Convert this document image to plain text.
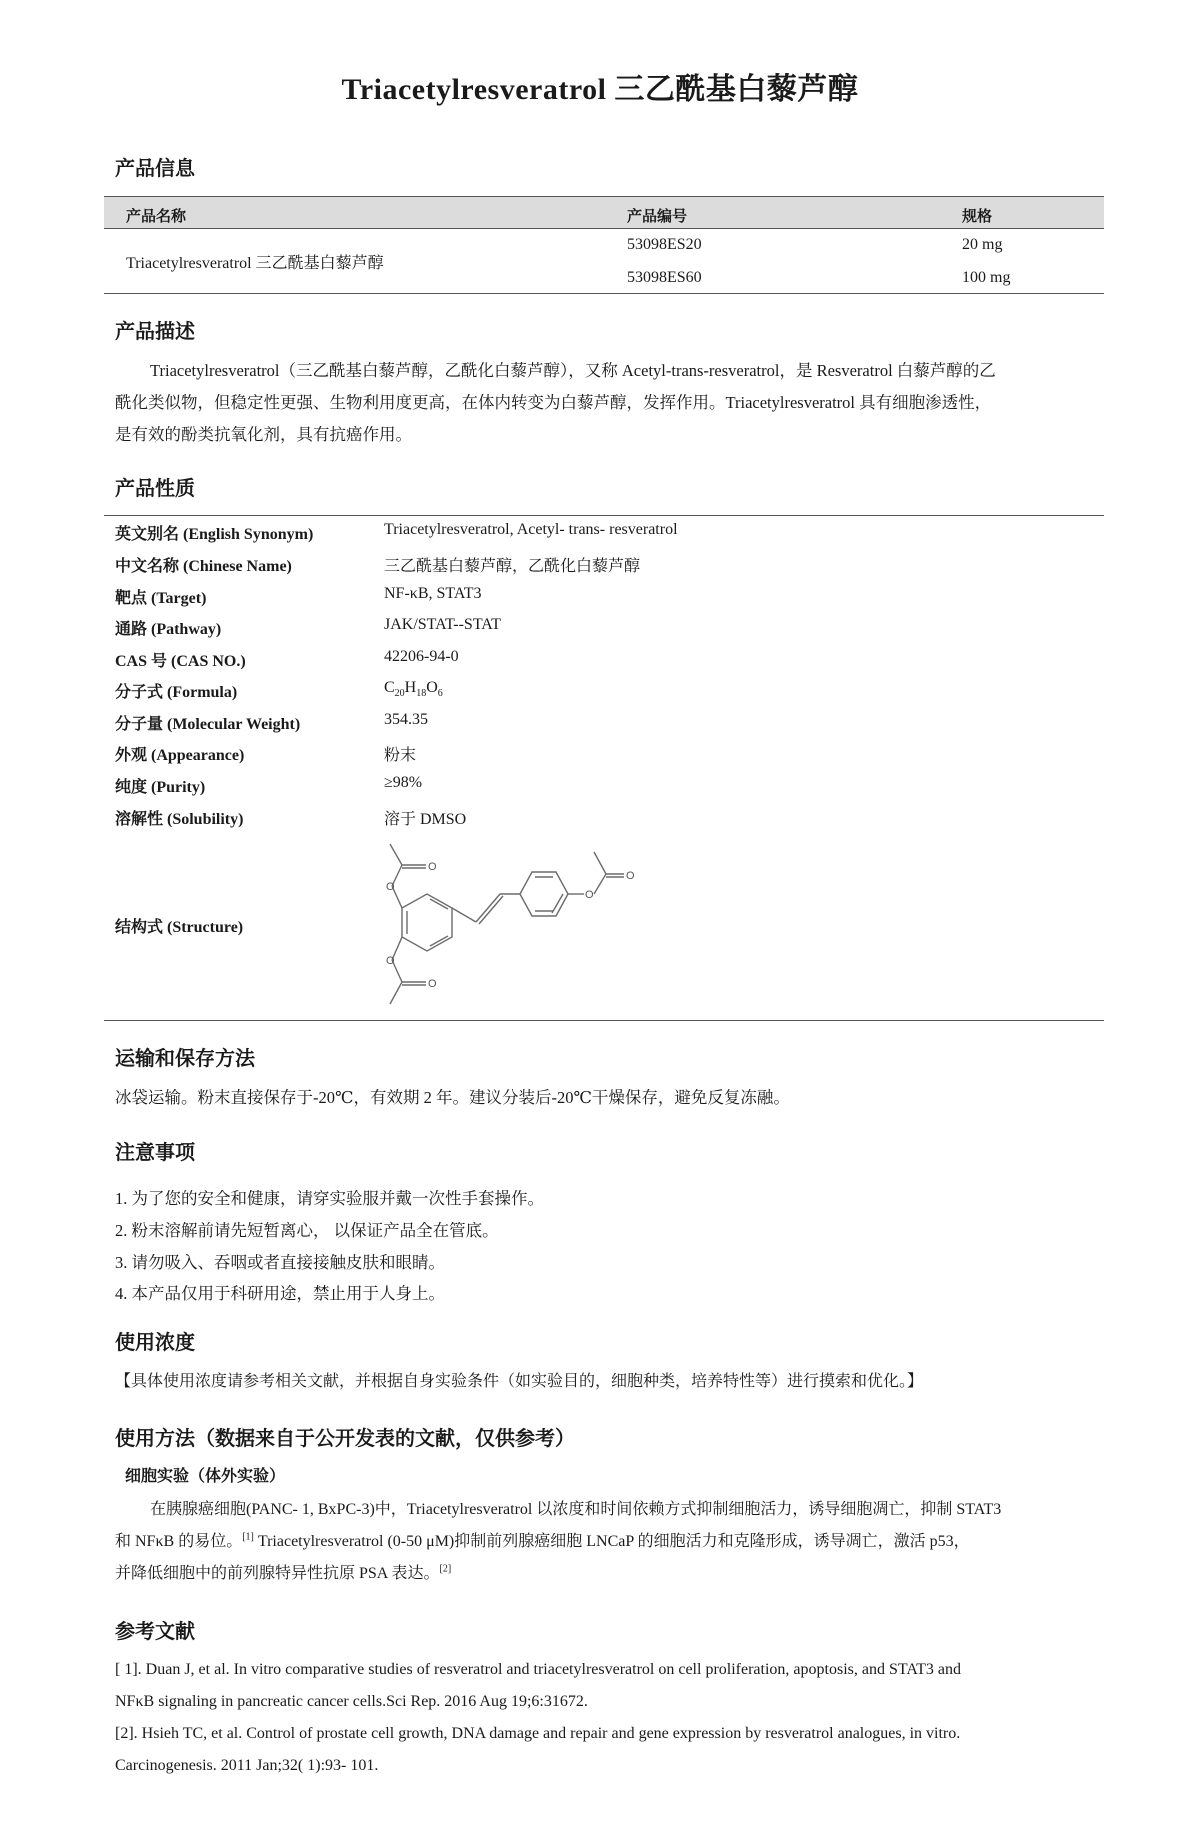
Triacetylresveratrol 三乙酰基白藜芦醇
产品信息
产品名称	产品编号	规格
Triacetylresveratrol 三乙酰基白藜芦醇
53098ES20	20 mg
53098ES60	100 mg
产品描述
Triacetylresveratrol（三乙酰基白藜芦醇，乙酰化白藜芦醇），又称 Acetyl-trans-resveratrol，是 Resveratrol 白藜芦醇的乙
酰化类似物，但稳定性更强、生物利用度更高，在体内转变为白藜芦醇，发挥作用。Triacetylresveratrol 具有细胞渗透性，
是有效的酚类抗氧化剂，具有抗癌作用。
产品性质
英文别名 (English Synonym)	Triacetylresveratrol, Acetyl- trans- resveratrol
中文名称 (Chinese Name)	三乙酰基白藜芦醇，乙酰化白藜芦醇
靶点 (Target)	NF-κB, STAT3
通路 (Pathway)	JAK/STAT--STAT
CAS 号 (CAS NO.)	42206-94-0
分子式 (Formula)	$C_{20}H_{18}O_6$
分子量 (Molecular Weight)	354.35
外观 (Appearance)	粉末
纯度 (Purity)	≥98%
溶解性 (Solubility)	溶于 DMSO
结构式 (Structure)
O
O
O
O
O
O
运输和保存方法
冰袋运输。粉末直接保存于-20℃，有效期 2 年。建议分装后-20℃干燥保存，避免反复冻融。
注意事项
1. 为了您的安全和健康，请穿实验服并戴一次性手套操作。
2. 粉末溶解前请先短暂离心， 以保证产品全在管底。
3. 请勿吸入、吞咽或者直接接触皮肤和眼睛。
4. 本产品仅用于科研用途，禁止用于人身上。
使用浓度
【具体使用浓度请参考相关文献，并根据自身实验条件（如实验目的，细胞种类，培养特性等）进行摸索和优化。】
使用方法（数据来自于公开发表的文献，仅供参考）
细胞实验（体外实验）
在胰腺癌细胞(PANC- 1, BxPC-3)中，Triacetylresveratrol 以浓度和时间依赖方式抑制细胞活力，诱导细胞凋亡，抑制 STAT3
和 NFκB 的易位。[1] Triacetylresveratrol (0-50 μM)抑制前列腺癌细胞 LNCaP 的细胞活力和克隆形成，诱导凋亡，激活 p53，
并降低细胞中的前列腺特异性抗原 PSA 表达。[2]
参考文献
[ 1]. Duan J, et al. In vitro comparative studies of resveratrol and triacetylresveratrol on cell proliferation, apoptosis, and STAT3 and
NFκB signaling in pancreatic cancer cells.Sci Rep. 2016 Aug 19;6:31672.
[2]. Hsieh TC, et al. Control of prostate cell growth, DNA damage and repair and gene expression by resveratrol analogues, in vitro.
Carcinogenesis. 2011 Jan;32( 1):93- 101.
